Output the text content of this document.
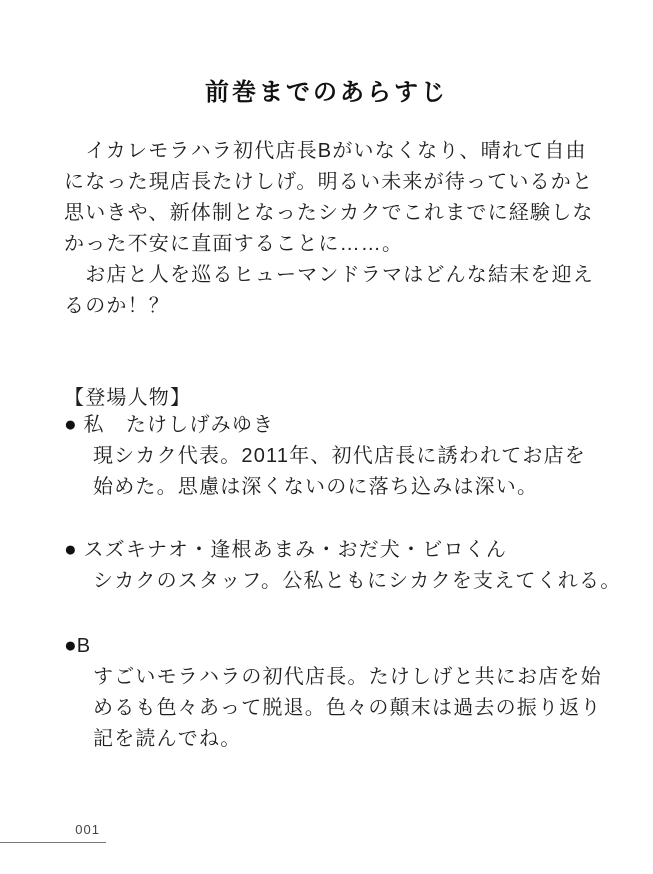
前巻までのあらすじ
　イカレモラハラ初代店長Bがいなくなり、晴れて自由
になった現店長たけしげ。明るい未来が待っているかと
思いきや、新体制となったシカクでこれまでに経験しな
かった不安に直面することに……。
　お店と人を巡るヒューマンドラマはどんな結末を迎え
るのか！？
【登場人物】
● 私　たけしげみゆき
現シカク代表。2011年、初代店長に誘われてお店を
始めた。思慮は深くないのに落ち込みは深い。
● スズキナオ・逢根あまみ・おだ犬・ビロくん
シカクのスタッフ。公私ともにシカクを支えてくれる。
●B
すごいモラハラの初代店長。たけしげと共にお店を始
めるも色々あって脱退。色々の顛末は過去の振り返り
記を読んでね。
001
